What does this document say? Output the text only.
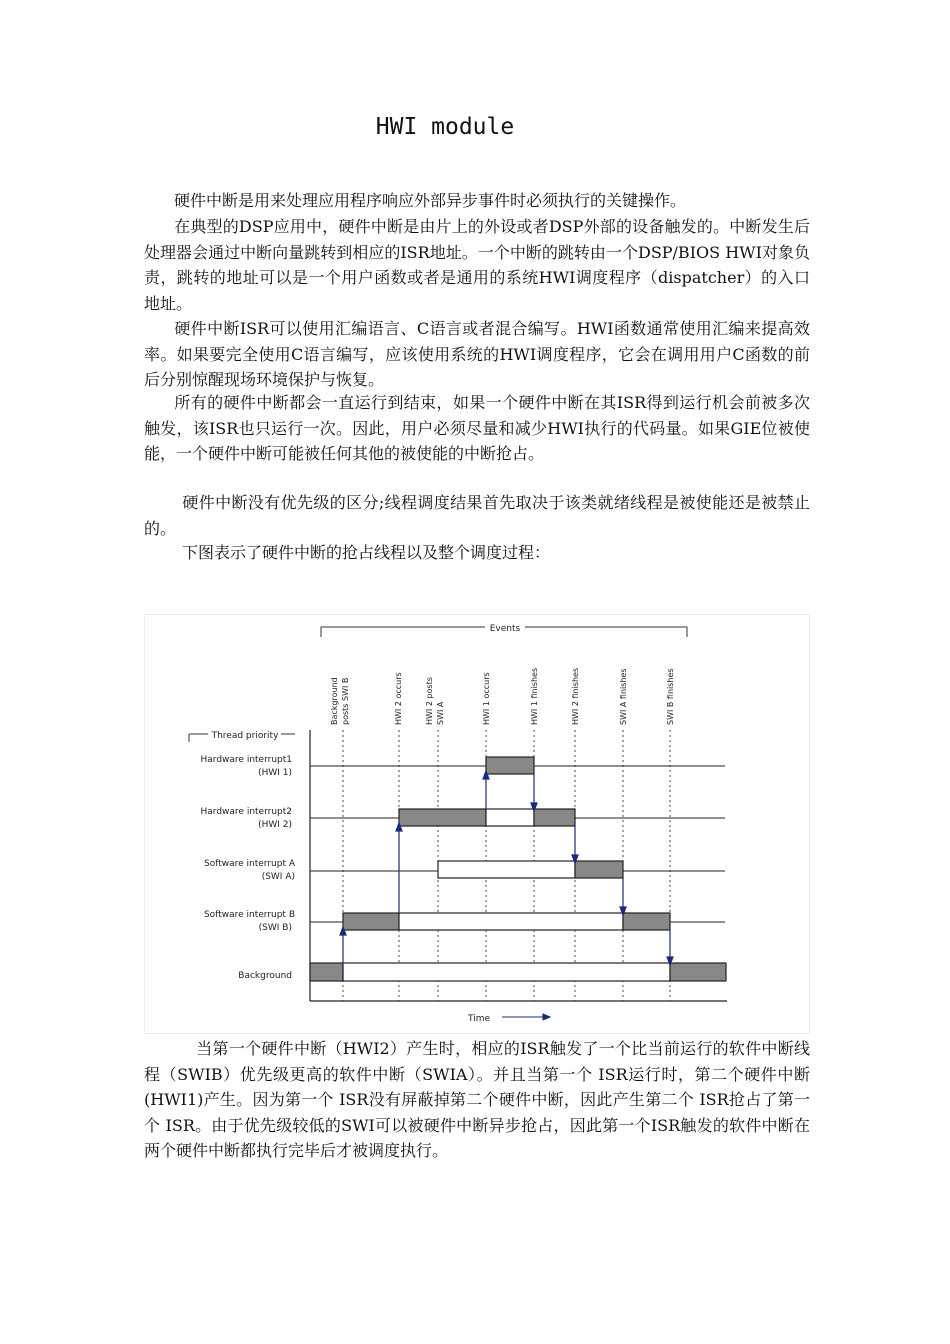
HWI module

硬件中断是用来处理应用程序响应外部异步事件时必须执行的关键操作。

在典型的DSP应用中，硬件中断是由片上的外设或者DSP外部的设备触发的。中断发生后处理器会通过中断向量跳转到相应的ISR地址。一个中断的跳转由一个DSP/BIOS HWI对象负责，跳转的地址可以是一个用户函数或者是通用的系统HWI调度程序（dispatcher）的入口地址。

硬件中断ISR可以使用汇编语言、C语言或者混合编写。HWI函数通常使用汇编来提高效率。如果要完全使用C语言编写，应该使用系统的HWI调度程序，它会在调用用户C函数的前后分别惊醒现场环境保护与恢复。

所有的硬件中断都会一直运行到结束，如果一个硬件中断在其ISR得到运行机会前被多次触发，该ISR也只运行一次。因此，用户必须尽量和减少HWI执行的代码量。如果GIE位被使能，一个硬件中断可能被任何其他的被使能的中断抢占。

硬件中断没有优先级的区分;线程调度结果首先取决于该类就绪线程是被使能还是被禁止的。

下图表示了硬件中断的抢占线程以及整个调度过程：

Events
Thread priority
Hardware interrupt1
(HWI 1)
Hardware interrupt2
(HWI 2)
Software interrupt A
(SWI A)
Software interrupt B
(SWI B)
Background
Background posts SWI B	HWI 2 occurs	HWI 2 posts SWI A	HWI 1 occurs	HWI 1 finishes	HWI 2 finishes	SWI A finishes	SWI B finishes
Time

当第一个硬件中断（HWI2）产生时，相应的ISR触发了一个比当前运行的软件中断线程（SWIB）优先级更高的软件中断（SWIA）。并且当第一个 ISR运行时，第二个硬件中断(HWI1)产生。因为第一个 ISR没有屏蔽掉第二个硬件中断，因此产生第二个 ISR抢占了第一个 ISR。由于优先级较低的SWI可以被硬件中断异步抢占，因此第一个ISR触发的软件中断在两个硬件中断都执行完毕后才被调度执行。
